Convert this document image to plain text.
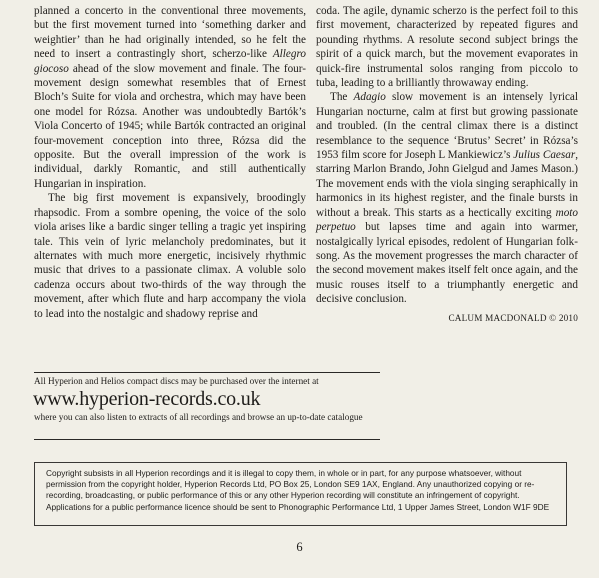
planned a concerto in the conventional three movements, but the first movement turned into ‘something darker and weightier’ than he had originally intended, so he felt the need to insert a contrastingly short, scherzo-like Allegro giocoso ahead of the slow movement and finale. The four-movement design somewhat resembles that of Ernest Bloch’s Suite for viola and orchestra, which may have been one model for Rózsa. Another was undoubtedly Bartók’s Viola Concerto of 1945; while Bartók contracted an original four-movement conception into three, Rózsa did the opposite. But the overall impression of the work is individual, darkly Romantic, and still authentically Hungarian in inspiration.

The big first movement is expansively, broodingly rhapsodic. From a sombre opening, the voice of the solo viola arises like a bardic singer telling a tragic yet inspiring tale. This vein of lyric melancholy predominates, but it alternates with much more energetic, incisively rhythmic music that drives to a passionate climax. A voluble solo cadenza occurs about two-thirds of the way through the movement, after which flute and harp accompany the viola to lead into the nostalgic and shadowy reprise and

coda. The agile, dynamic scherzo is the perfect foil to this first movement, characterized by repeated figures and pounding rhythms. A resolute second subject brings the spirit of a quick march, but the movement evaporates in quick-fire instrumental solos ranging from piccolo to tuba, leading to a brilliantly throwaway ending.

The Adagio slow movement is an intensely lyrical Hungarian nocturne, calm at first but growing passionate and troubled. (In the central climax there is a distinct resemblance to the sequence ‘Brutus’ Secret’ in Rózsa’s 1953 film score for Joseph L Mankiewicz’s Julius Caesar, starring Marlon Brando, John Gielgud and James Mason.) The movement ends with the viola singing seraphically in harmonics in its highest register, and the finale bursts in without a break. This starts as a hectically exciting moto perpetuo but lapses time and again into warmer, nostalgically lyrical episodes, redolent of Hungarian folk-song. As the movement progresses the march character of the second movement makes itself felt once again, and the music rouses itself to a triumphantly energetic and decisive conclusion.

CALUM MACDONALD © 2010
All Hyperion and Helios compact discs may be purchased over the internet at
www.hyperion-records.co.uk
where you can also listen to extracts of all recordings and browse an up-to-date catalogue
Copyright subsists in all Hyperion recordings and it is illegal to copy them, in whole or in part, for any purpose whatsoever, without permission from the copyright holder, Hyperion Records Ltd, PO Box 25, London SE9 1AX, England. Any unauthorized copying or re-recording, broadcasting, or public performance of this or any other Hyperion recording will constitute an infringement of copyright. Applications for a public performance licence should be sent to Phonographic Performance Ltd, 1 Upper James Street, London W1F 9DE
6
